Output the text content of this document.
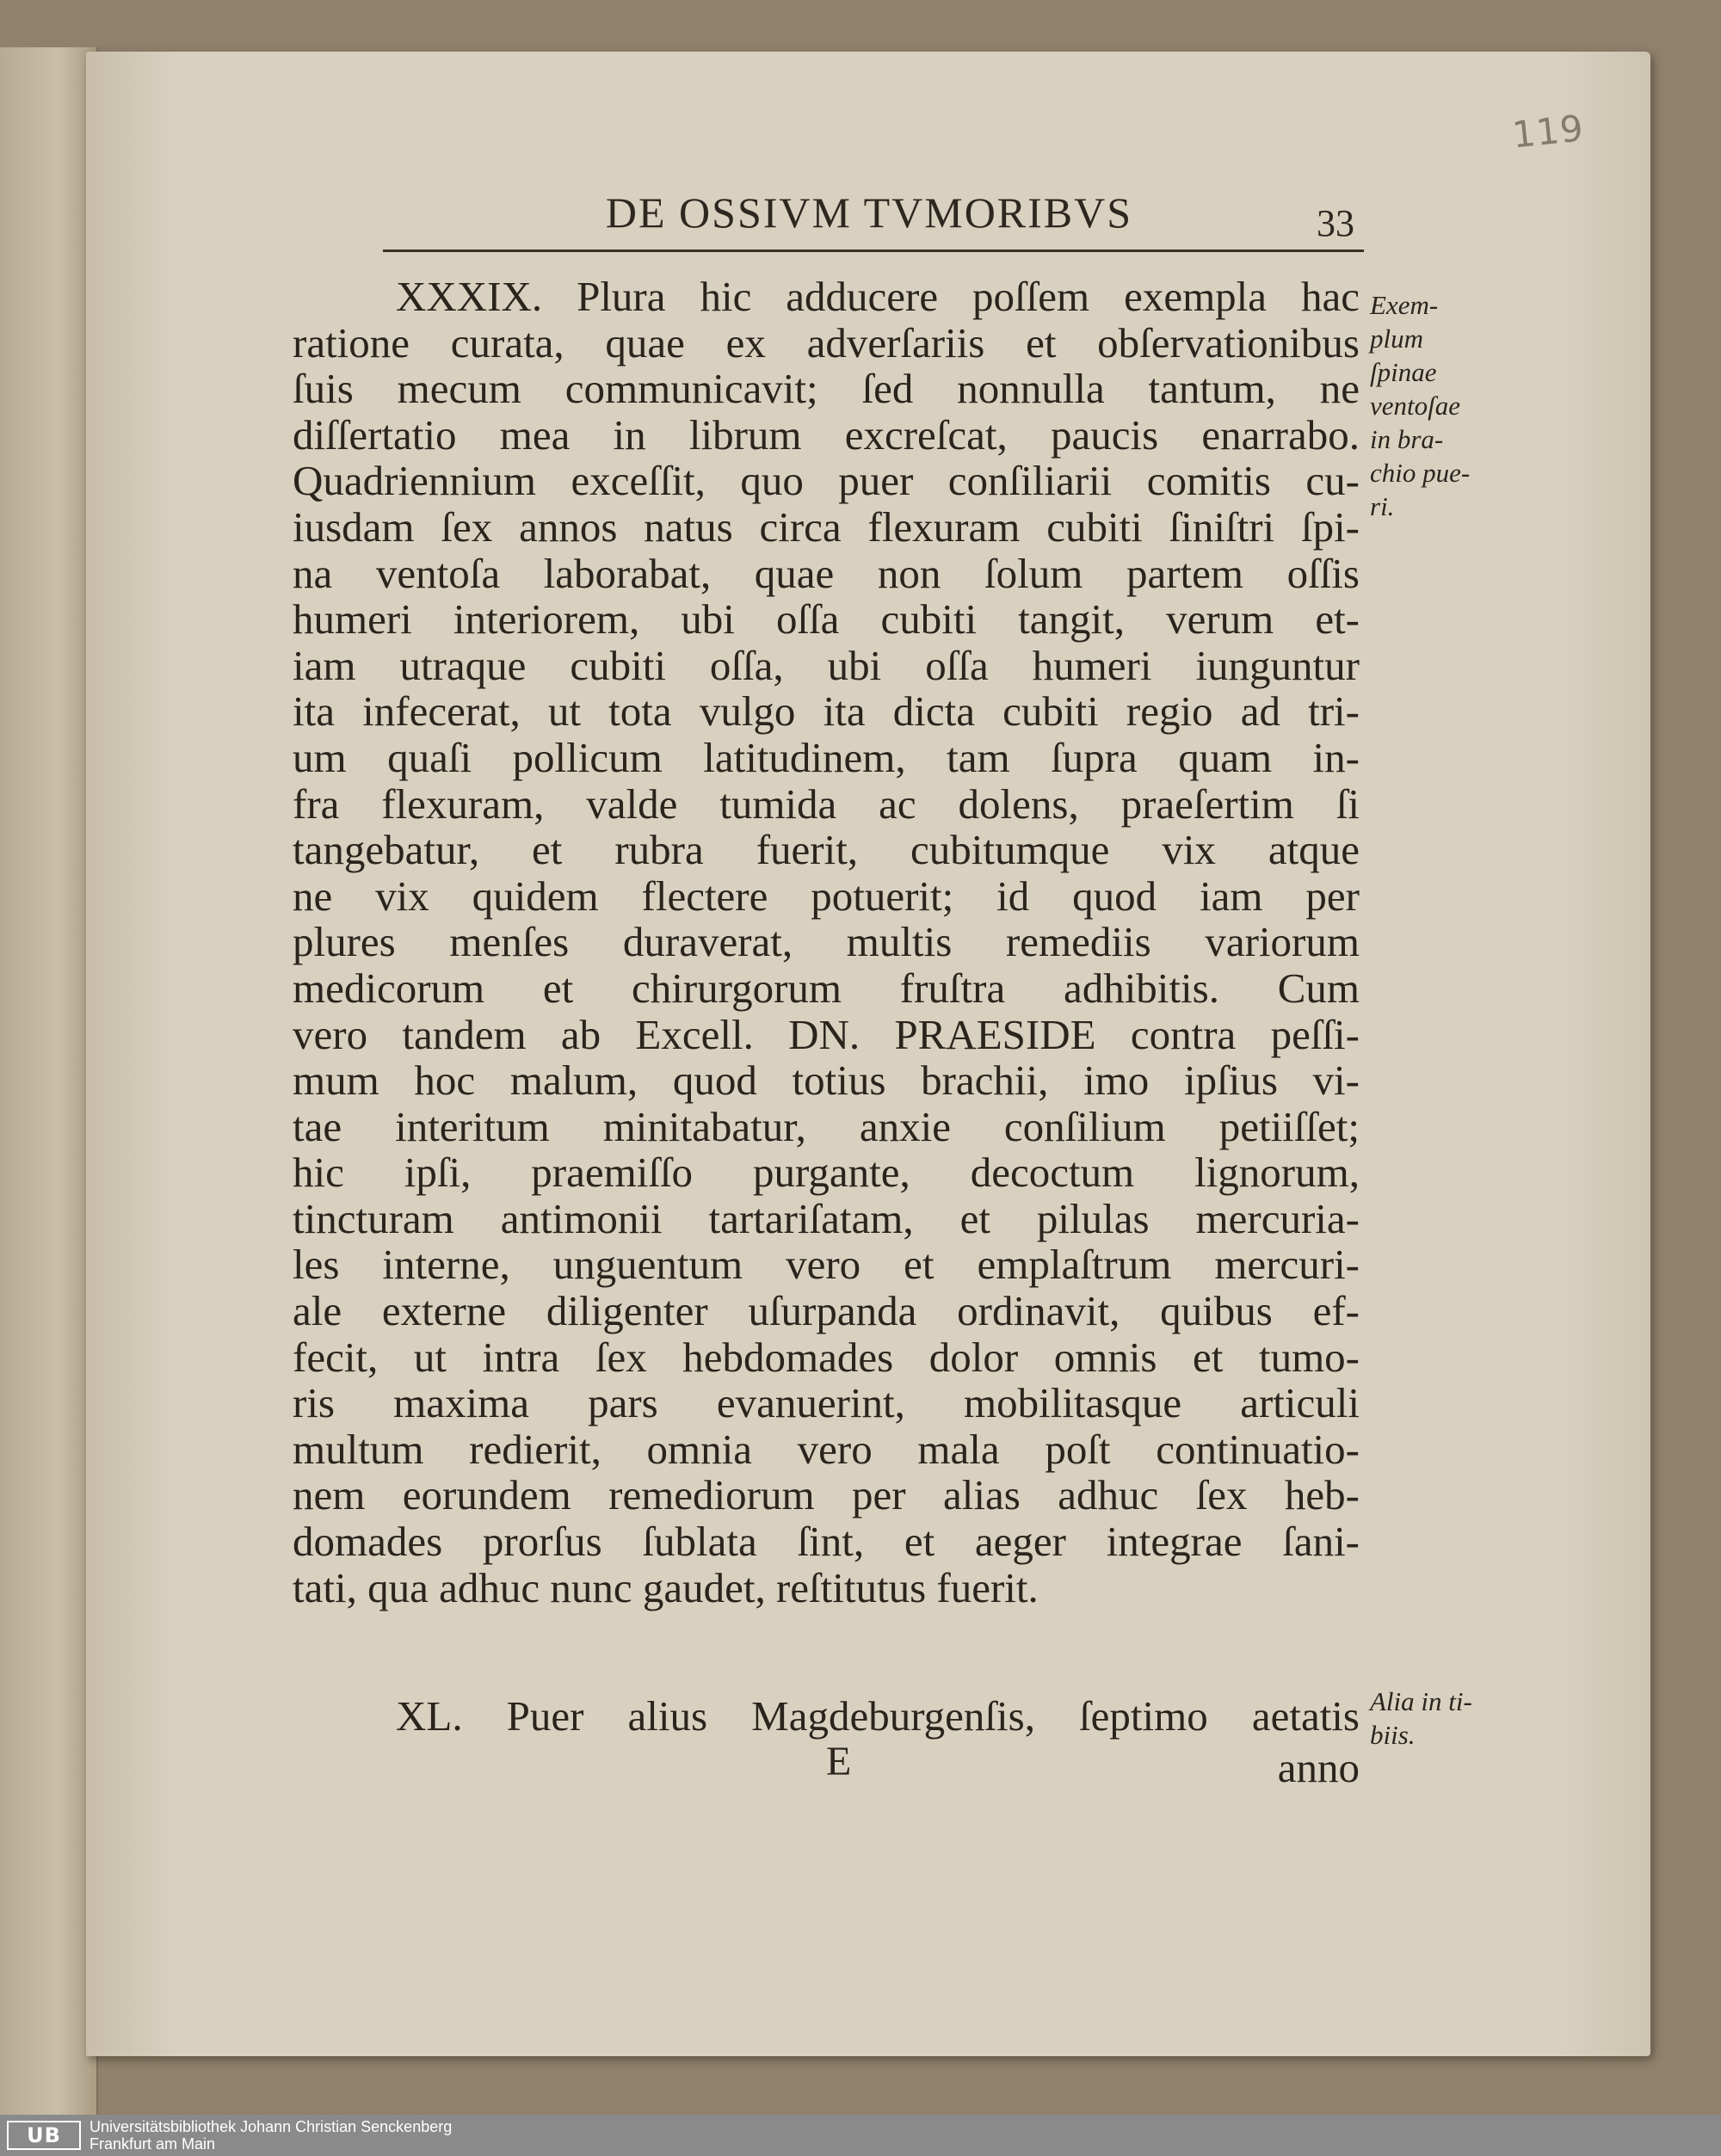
119
DE OSSIVM TVMORIBVS	33
XXXIX. Plura hic adducere poſſem exempla hac
ratione curata, quae ex adverſariis et obſervationibus
ſuis mecum communicavit; ſed nonnulla tantum, ne
diſſertatio mea in librum excreſcat, paucis enarrabo.
Quadriennium exceſſit, quo puer conſiliarii comitis cu-
iusdam ſex annos natus circa flexuram cubiti ſiniſtri ſpi-
na ventoſa laborabat, quae non ſolum partem oſſis
humeri interiorem, ubi oſſa cubiti tangit, verum et-
iam utraque cubiti oſſa, ubi oſſa humeri iunguntur
ita infecerat, ut tota vulgo ita dicta cubiti regio ad tri-
um quaſi pollicum latitudinem, tam ſupra quam in-
fra flexuram, valde tumida ac dolens, praeſertim ſi
tangebatur, et rubra fuerit, cubitumque vix atque
ne vix quidem flectere potuerit; id quod iam per
plures menſes duraverat, multis remediis variorum
medicorum et chirurgorum fruſtra adhibitis. Cum
vero tandem ab Excell. DN. PRAESIDE contra peſſi-
mum hoc malum, quod totius brachii, imo ipſius vi-
tae interitum minitabatur, anxie conſilium petiiſſet;
hic ipſi, praemiſſo purgante, decoctum lignorum,
tincturam antimonii tartariſatam, et pilulas mercuria-
les interne, unguentum vero et emplaſtrum mercuri-
ale externe diligenter uſurpanda ordinavit, quibus ef-
fecit, ut intra ſex hebdomades dolor omnis et tumo-
ris maxima pars evanuerint, mobilitasque articuli
multum redierit, omnia vero mala poſt continuatio-
nem eorundem remediorum per alias adhuc ſex heb-
domades prorſus ſublata ſint, et aeger integrae ſani-
tati, qua adhuc nunc gaudet, reſtitutus fuerit.
XL. Puer alius Magdeburgenſis, ſeptimo aetatis
E	anno
Exem-
plum
ſpinae
ventoſae
in bra-
chio pue-
ri.
Alia in ti-
biis.
UB	Universitätsbibliothek Johann Christian Senckenberg
Frankfurt am Main
